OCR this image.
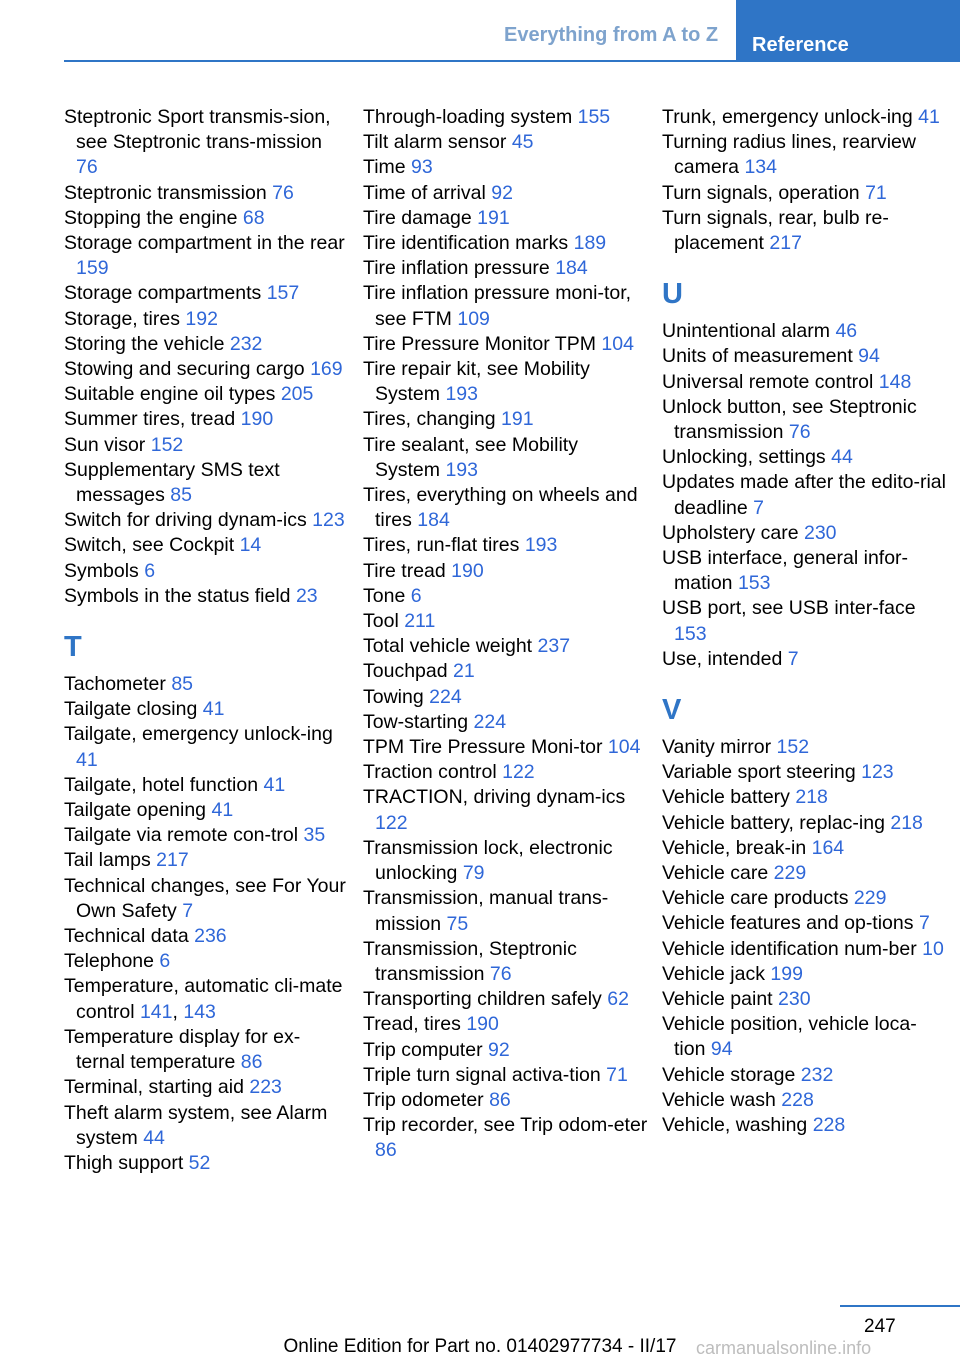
Everything from A to Z	Reference
Steptronic Sport transmis-sion, see Steptronic trans-mission 76
Steptronic transmission 76
Stopping the engine 68
Storage compartment in the rear 159
Storage compartments 157
Storage, tires 192
Storing the vehicle 232
Stowing and securing cargo 169
Suitable engine oil types 205
Summer tires, tread 190
Sun visor 152
Supplementary SMS text messages 85
Switch for driving dynam-ics 123
Switch, see Cockpit 14
Symbols 6
Symbols in the status field 23
T
Tachometer 85
Tailgate closing 41
Tailgate, emergency unlock-ing 41
Tailgate, hotel function 41
Tailgate opening 41
Tailgate via remote con-trol 35
Tail lamps 217
Technical changes, see For Your Own Safety 7
Technical data 236
Telephone 6
Temperature, automatic cli-mate control 141, 143
Temperature display for ex-ternal temperature 86
Terminal, starting aid 223
Theft alarm system, see Alarm system 44
Thigh support 52
Through-loading system 155
Tilt alarm sensor 45
Time 93
Time of arrival 92
Tire damage 191
Tire identification marks 189
Tire inflation pressure 184
Tire inflation pressure moni-tor, see FTM 109
Tire Pressure Monitor TPM 104
Tire repair kit, see Mobility System 193
Tires, changing 191
Tire sealant, see Mobility System 193
Tires, everything on wheels and tires 184
Tires, run-flat tires 193
Tire tread 190
Tone 6
Tool 211
Total vehicle weight 237
Touchpad 21
Towing 224
Tow-starting 224
TPM Tire Pressure Moni-tor 104
Traction control 122
TRACTION, driving dynam-ics 122
Transmission lock, electronic unlocking 79
Transmission, manual trans-mission 75
Transmission, Steptronic transmission 76
Transporting children safely 62
Tread, tires 190
Trip computer 92
Triple turn signal activa-tion 71
Trip odometer 86
Trip recorder, see Trip odom-eter 86
Trunk, emergency unlock-ing 41
Turning radius lines, rearview camera 134
Turn signals, operation 71
Turn signals, rear, bulb re-placement 217
U
Unintentional alarm 46
Units of measurement 94
Universal remote control 148
Unlock button, see Steptronic transmission 76
Unlocking, settings 44
Updates made after the edito-rial deadline 7
Upholstery care 230
USB interface, general infor-mation 153
USB port, see USB inter-face 153
Use, intended 7
V
Vanity mirror 152
Variable sport steering 123
Vehicle battery 218
Vehicle battery, replac-ing 218
Vehicle, break-in 164
Vehicle care 229
Vehicle care products 229
Vehicle features and op-tions 7
Vehicle identification num-ber 10
Vehicle jack 199
Vehicle paint 230
Vehicle position, vehicle loca-tion 94
Vehicle storage 232
Vehicle wash 228
Vehicle, washing 228
247
Online Edition for Part no. 01402977734 - II/17	carmanualsonline.info
